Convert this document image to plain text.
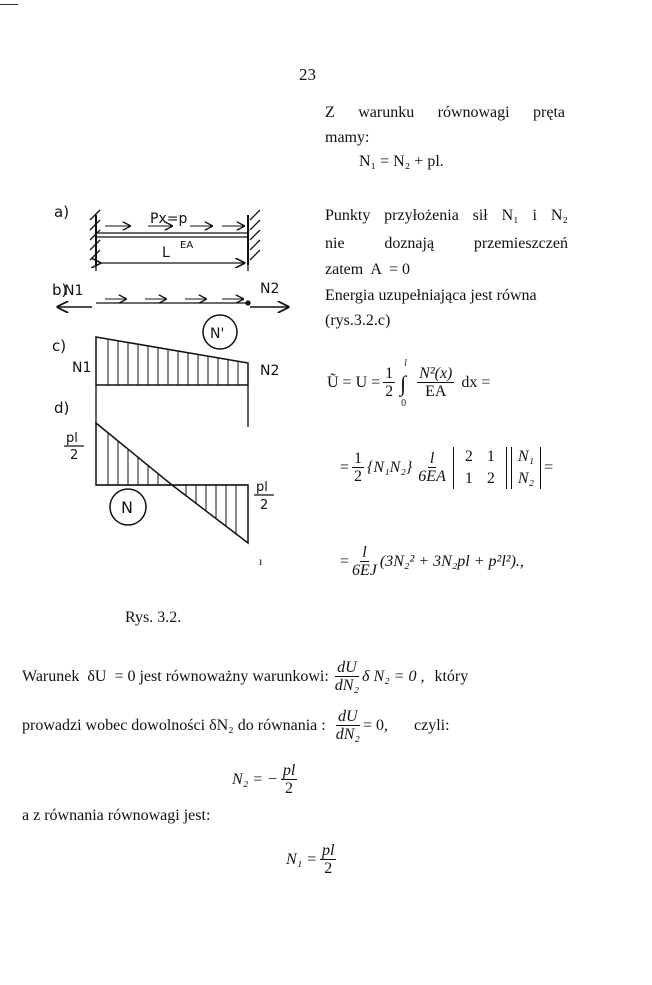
—
23
Z warunku równowagi pręta
mamy:
N₁ = N₂ + pl.
Punkty przyłożenia sił N₁ i N₂
nie doznają przemieszczeń
zatem  A  = 0
Energia uzupełniająca jest równa
(rys.3.2.c)
Ũ = $U = \frac{1}{2}$
l
∫
0
$\frac{\text{N²(x)}}{EA}$ dx =
= $\frac{1}{2} \{N_1N_2\} \frac{l}{6EA}$	2 1
1 2
N₁
N₂
=
= $\frac{l}{6EJ} (3N_2^2 + 3N_2pl + p^2l^2)$.,
ı
a)	Px=p
L EA
b)
N1	N2
c)
N1	N2
N'
d)
pl
2
pl
2
N
Rys. 3.2.
Warunek  δU  = 0 jest równoważny warunkowi: $\frac{dU}{\text{dN₂}}$ δ N₂ = 0 , który
prowadzi wobec dowolności δN₂ do równania : $\frac{dU}{\text{dN₂}} = 0$, czyli:
N₂ = − $\frac{pl}{2}$
a z równania równowagi jest:
$N_1 = \frac{pl}{2}$
